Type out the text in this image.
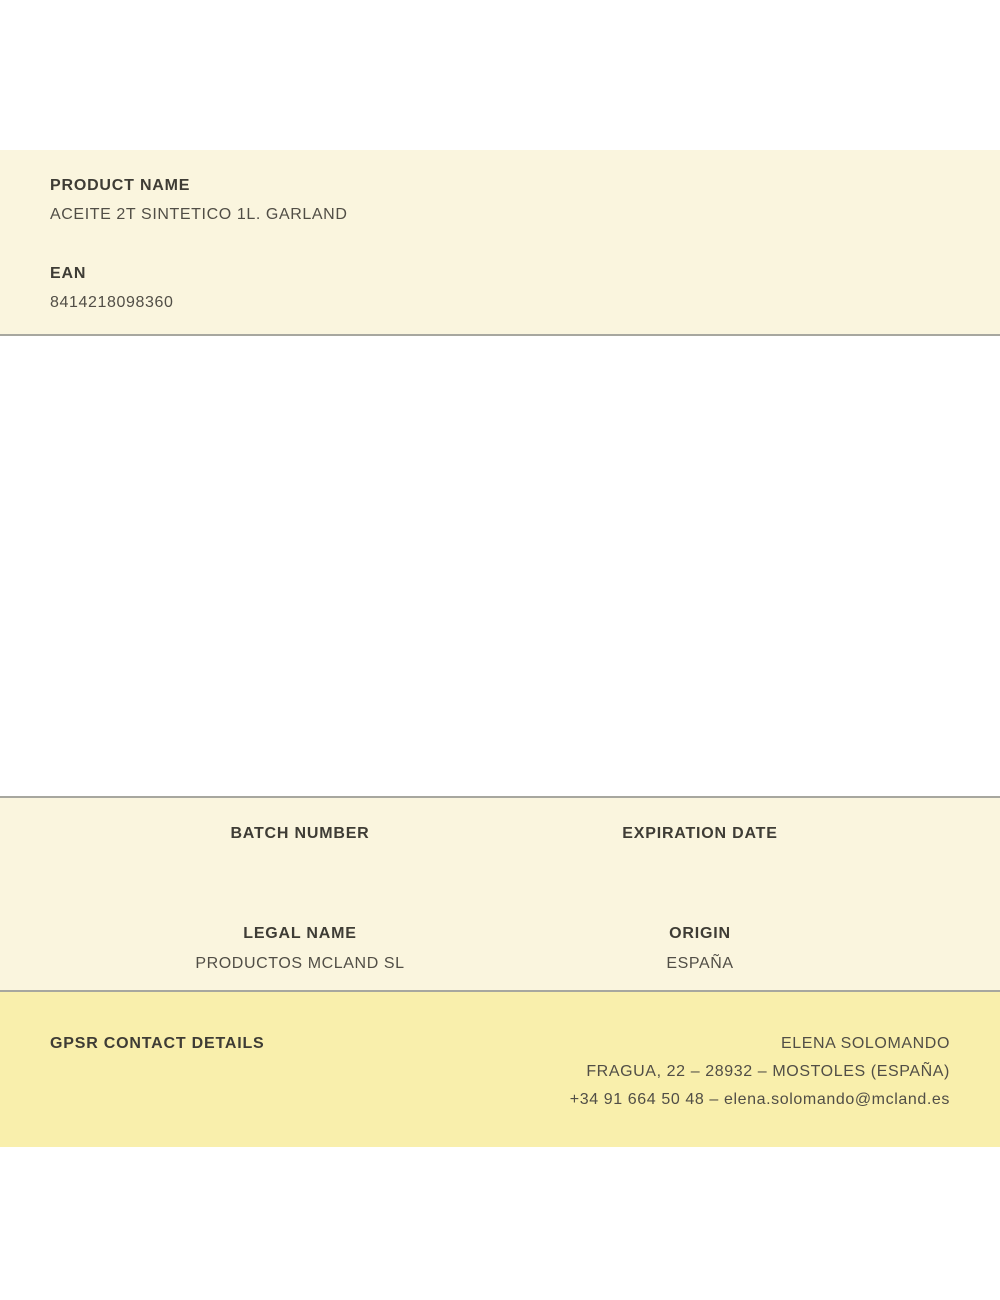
PRODUCT NAME
ACEITE 2T SINTETICO 1L. GARLAND
EAN
8414218098360
BATCH NUMBER	EXPIRATION DATE
LEGAL NAME
PRODUCTOS MCLAND SL
ORIGIN
ESPAÑA
GPSR CONTACT DETAILS	ELENA SOLOMANDO
FRAGUA, 22 – 28932 – MOSTOLES (ESPAÑA)
+34 91 664 50 48 – elena.solomando@mcland.es
